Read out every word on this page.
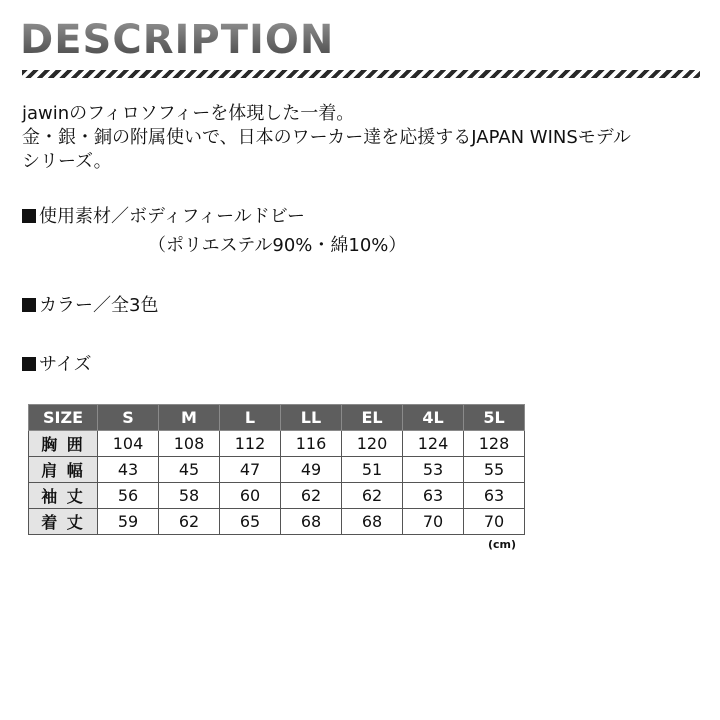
DESCRIPTION
jawinのフィロソフィーを体現した一着。
金・銀・銅の附属使いで、日本のワーカー達を応援するJAPAN WINSモデル
シリーズ。
使用素材／ボディフィールドビー
（ポリエステル90%・綿10%）
カラー／全3色
サイズ
SIZE	S	M	L	LL	EL	4L	5L
胸 囲	104	108	112	116	120	124	128
肩 幅	43	45	47	49	51	53	55
袖 丈	56	58	60	62	62	63	63
着 丈	59	62	65	68	68	70	70
(cm)
